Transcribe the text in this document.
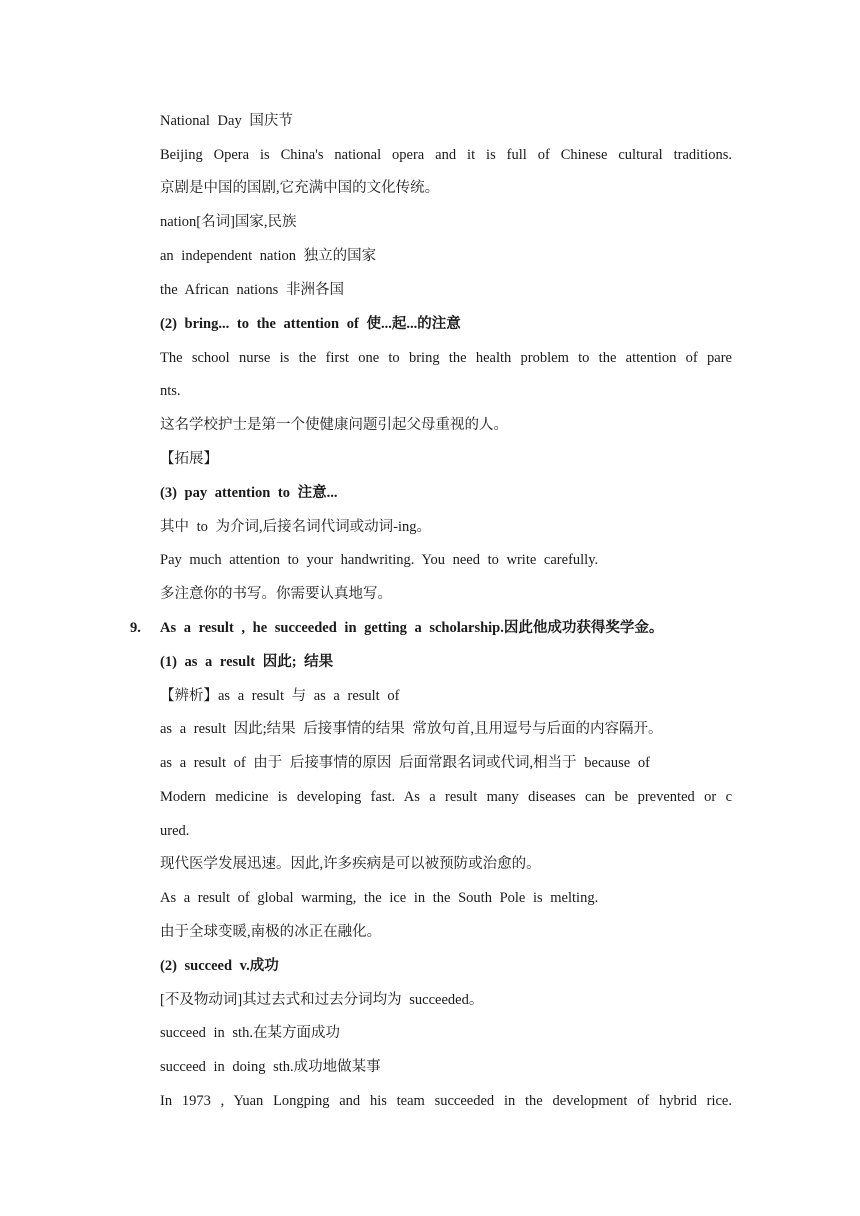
National Day 国庆节
Beijing Opera is China's national opera and it is full of Chinese cultural traditions.
京剧是中国的国剧,它充满中国的文化传统。
nation[名词]国家,民族
an independent nation 独立的国家
the African nations 非洲各国
(2) bring... to the attention of 使...起...的注意
The school nurse is the first one to bring the health problem to the attention of pare
nts.
这名学校护士是第一个使健康问题引起父母重视的人。
【拓展】
(3) pay attention to 注意...
其中 to 为介词,后接名词代词或动词-ing。
Pay much attention to your handwriting. You need to write carefully.
多注意你的书写。你需要认真地写。
9. As a result , he succeeded in getting a scholarship.因此他成功获得奖学金。
(1) as a result 因此; 结果
【辨析】as a result 与 as a result of
as a result 因此;结果 后接事情的结果 常放句首,且用逗号与后面的内容隔开。
as a result of 由于 后接事情的原因 后面常跟名词或代词,相当于 because of
Modern medicine is developing fast. As a result many diseases can be prevented or c
ured.
现代医学发展迅速。因此,许多疾病是可以被预防或治愈的。
As a result of global warming, the ice in the South Pole is melting.
由于全球变暖,南极的冰正在融化。
(2) succeed v.成功
[不及物动词]其过去式和过去分词均为 succeeded。
succeed in sth.在某方面成功
succeed in doing sth.成功地做某事
In 1973 , Yuan Longping and his team succeeded in the development of hybrid rice.
